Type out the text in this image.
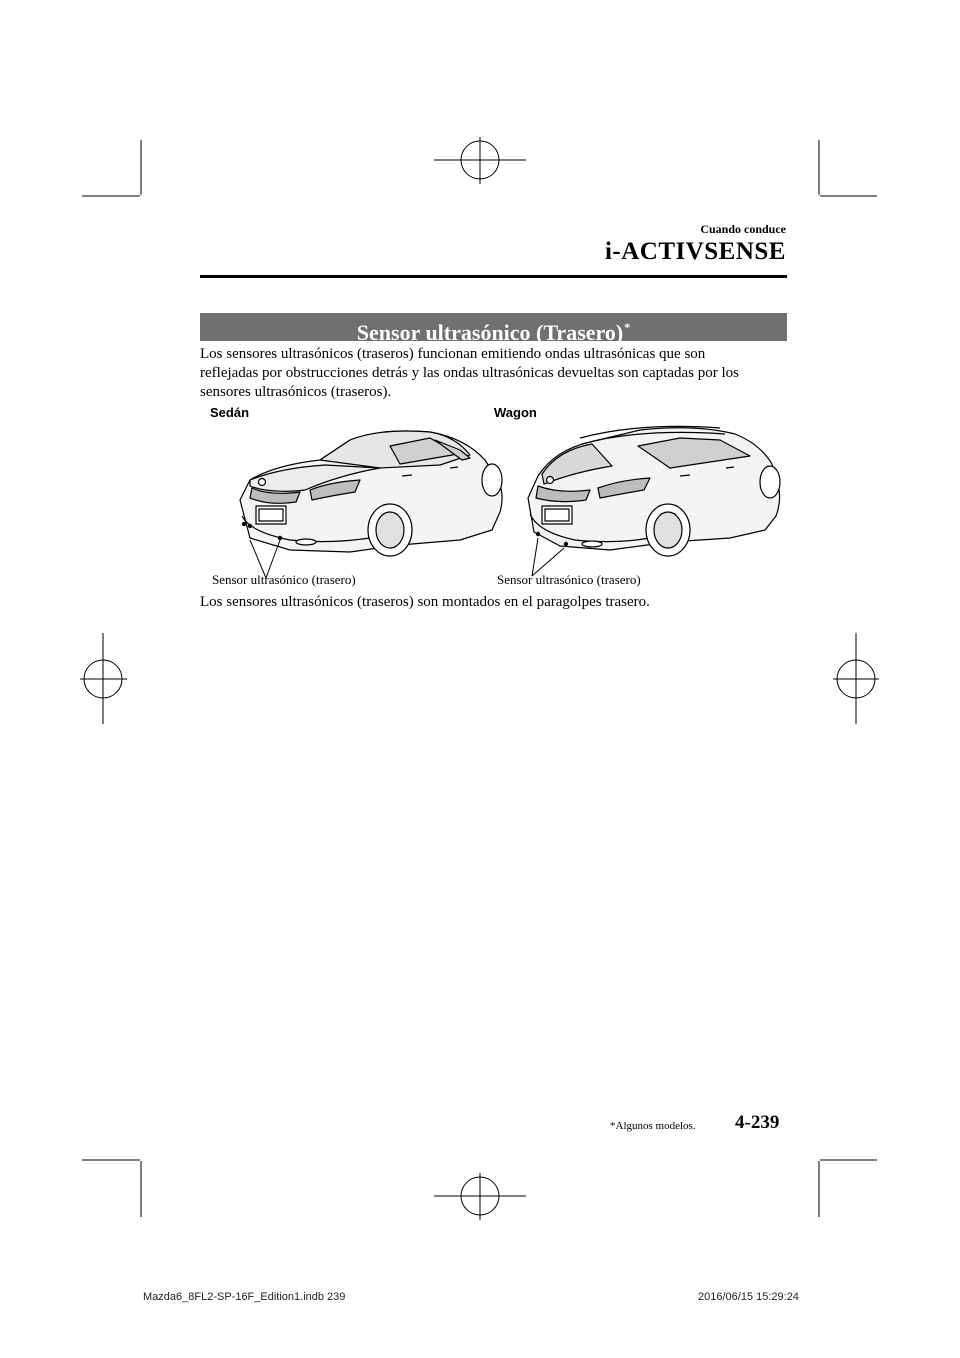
Cuando conduce
i-ACTIVSENSE
Sensor ultrasónico (Trasero)*
Los sensores ultrasónicos (traseros) funcionan emitiendo ondas ultrasónicas que son
reflejadas por obstrucciones detrás y las ondas ultrasónicas devueltas son captadas por los
sensores ultrasónicos (traseros).
Sedán	Wagon
Sensor ultrasónico (trasero)	Sensor ultrasónico (trasero)
Los sensores ultrasónicos (traseros) son montados en el paragolpes trasero.
*Algunos modelos. 4-239
Mazda6_8FL2-SP-16F_Edition1.indb 239	2016/06/15 15:29:24
